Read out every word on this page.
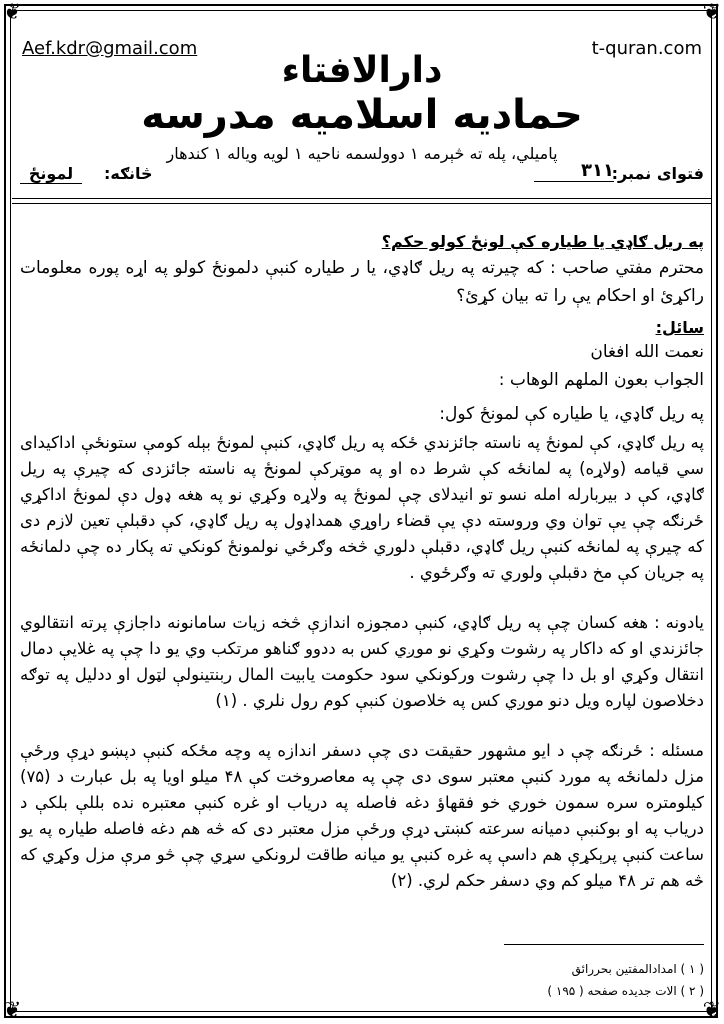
❦	❦
❦	❦
Aef.kdr@gmail.com	t-quran.com
دارالافتاء
حمادیه اسلامیه مدرسه
پامیلي، پله ته څېرمه ۱ دوولسمه ناحیه ۱ لویه ویاله ۱ کندهار
فتوای نمبر:
۳۱۱
څانګه:
لمونځ
په ریل ګاډي یا طیاره کې لونځ کولو حکم؟
محترم مفتي صاحب : که چیرته په ریل ګاډي، یا ر طیاره کنبې دلمونځ کولو په اړه پوره معلومات راکړئ او احکام یې را ته بیان کړئ؟
سائل:
نعمت الله افغان
الجواب بعون الملهم الوهاب :
په ریل ګاډي، یا طیاره کې لمونځ کول:
په ریل ګاډي، کې لمونځ په ناسته جائزندي ځکه په ریل ګاډي، کنبې لمونځ بېله کومې ستونځې اداکیدای سي قیامه (ولاړه) په لمانځه کې شرط ده او په موټرکې لمونځ په ناسته جائزدی که چیرې په ریل ګاډي، کې د بیربارله امله نسو تو انیدلای چې لمونځ په ولاړه وکړي نو په هغه ډول دې لمونځ اداکړي ځرنګه چې یې توان وي وروسته دې یې قضاء راوړي همداډول په ریل ګاډي، کې دقبلې تعین لازم دی که چیرې په لمانځه کنبې ریل ګاډي، دقبلې دلوري څخه وګرځي نولمونځ کونکي ته پکار ده چې دلمانځه په جریان کې مخ دقبلې ولوري ته وګرځوي .
یادونه : هغه کسان چې په ریل ګاډي، کنبې دمجوزه اندازې څخه زیات سامانونه داجازې پرته انتقالوي جائزندي او که داکار په رشوت وکړي نو موږي کس به ددوو ګناهو مرتکب وي یو دا چې په غلایې دمال انتقال وکړي او بل دا چې رشوت ورکونکي سود حکومت یابیت المال ربنتینولې لټول او ددلیل په توګه دخلاصون لپاره ویل دنو موږي کس په خلاصون کنبې کوم رول نلري . (۱)
مسئله : ځرنګه چې د ایو مشهور حقیقت دی چې دسفر اندازه په وچه مځکه کنبې دپښو دړې ورځې مزل دلمانځه په مورد کنبې معتبر سوی دی چې په معاصروخت کې ۴۸ میلو اویا په بل عبارت د (۷۵) کیلومتره سره سمون خوري خو فقهاؤ دغه فاصله په دریاب او غره کنبې معتبره نده بللې بلکې د دریاب په او بوکنبې دمیانه سرعته کښتۍ دړې ورځې مزل معتبر دی که څه هم دغه فاصله طیاره په یو ساعت کنبې پرېکړې هم داسې په غره کنبې یو میانه طاقت لرونکي سړي چې څو مرې مزل وکړي که څه هم تر ۴۸ میلو کم وي دسفر حکم لري. (۲)
( ۱ ) امدادالمفتین بحررائق
( ۲ ) الات جدیده صفحه ( ۱۹۵ )
